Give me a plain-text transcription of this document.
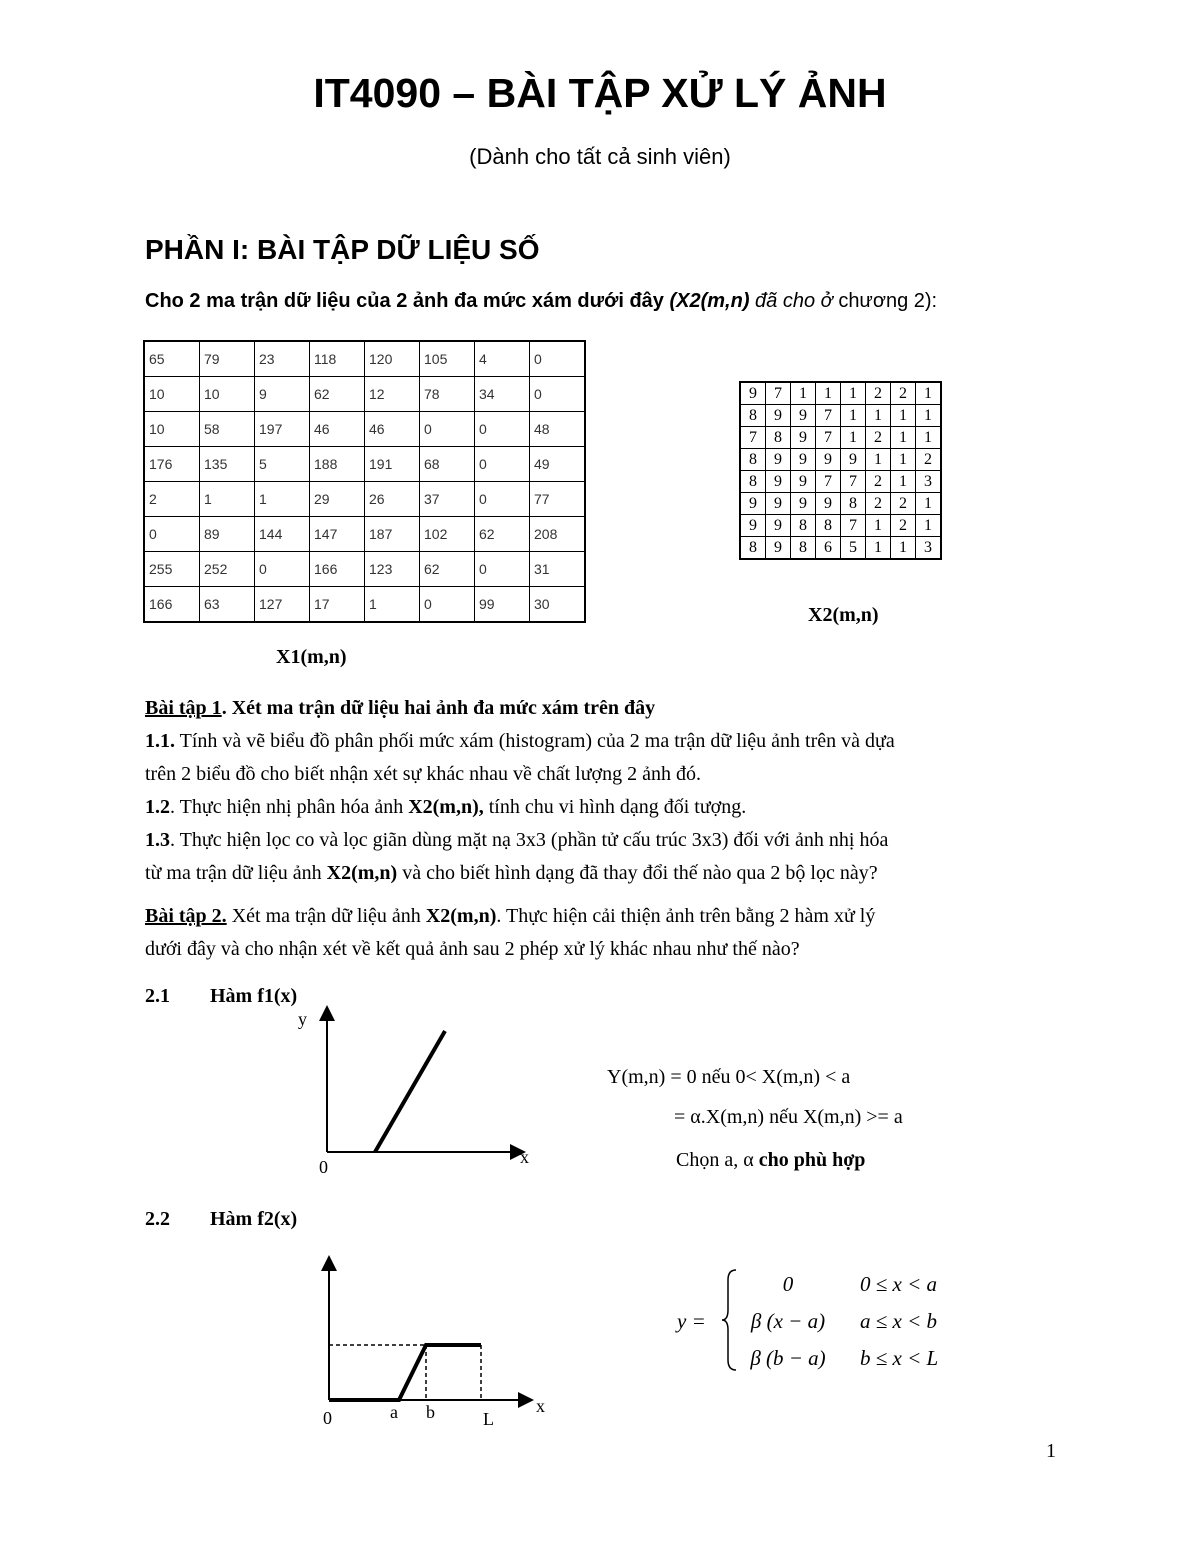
IT4090 – BÀI TẬP XỬ LÝ ẢNH
(Dành cho tất cả sinh viên)
PHẦN I: BÀI TẬP DỮ LIỆU SỐ
Cho 2 ma trận dữ liệu của 2 ảnh đa mức xám dưới đây (X2(m,n) đã cho ở chương 2):
65	79	23	118	120	105	4	0
10	10	9	62	12	78	34	0
10	58	197	46	46	0	0	48
176	135	5	188	191	68	0	49
2	1	1	29	26	37	0	77
0	89	144	147	187	102	62	208
255	252	0	166	123	62	0	31
166	63	127	17	1	0	99	30
X1(m,n)
9	7	1	1	1	2	2	1
8	9	9	7	1	1	1	1
7	8	9	7	1	2	1	1
8	9	9	9	9	1	1	2
8	9	9	7	7	2	1	3
9	9	9	9	8	2	2	1
9	9	8	8	7	1	2	1
8	9	8	6	5	1	1	3
X2(m,n)
Bài tập 1. Xét ma trận dữ liệu hai ảnh đa mức xám trên đây
1.1. Tính và vẽ biểu đồ phân phối mức xám (histogram) của 2 ma trận dữ liệu ảnh trên và dựa
trên 2 biểu đồ cho biết nhận xét sự khác nhau về chất lượng 2 ảnh đó.
1.2. Thực hiện nhị phân hóa ảnh X2(m,n), tính chu vi hình dạng đối tượng.
1.3. Thực hiện lọc co và lọc giãn dùng mặt nạ 3x3 (phần tử cấu trúc 3x3) đối với ảnh nhị hóa
từ ma trận dữ liệu ảnh X2(m,n) và cho biết hình dạng đã thay đổi thế nào qua 2 bộ lọc này?
Bài tập 2. Xét ma trận dữ liệu ảnh X2(m,n). Thực hiện cải thiện ảnh trên bằng 2 hàm xử lý
dưới đây và cho nhận xét về kết quả ảnh sau 2 phép xử lý khác nhau như thế nào?
2.1 Hàm f1(x)
y
x
0
Y(m,n) = 0 nếu 0< X(m,n) < a
= α.X(m,n) nếu X(m,n) >= a
Chọn a, α cho phù hợp
2.2 Hàm f2(x)
x
0	a b	L
y =
0	0 ≤ x < a
β (x − a)	a ≤ x < b
β (b − a)	b ≤ x < L
1
